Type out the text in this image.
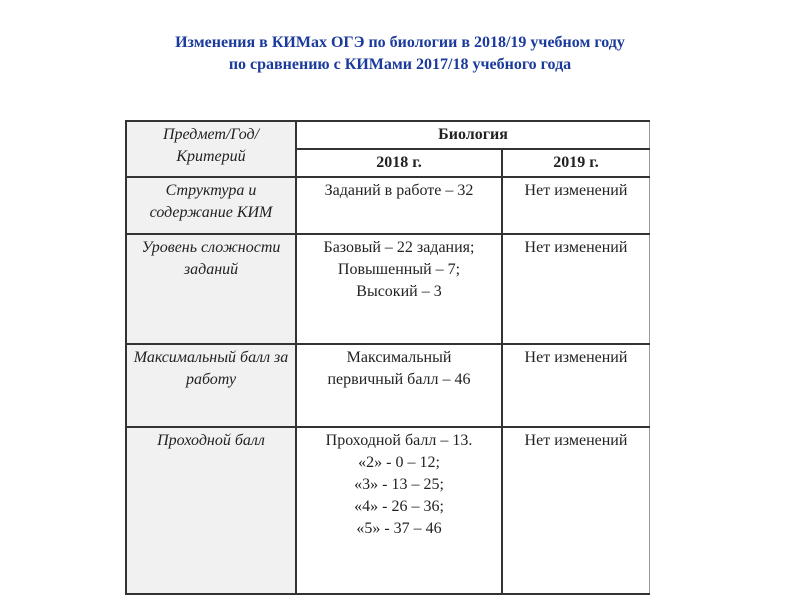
Изменения в КИМах ОГЭ по биологии в 2018/19 учебном году
по сравнению с КИМами 2017/18 учебного года
Предмет/Год/ Критерий	Биология	
	2018 г.	2019 г.
Структура и содержание КИМ	Заданий в работе – 32	Нет изменений
Уровень сложности заданий	Базовый – 22 задания;
Повышенный – 7;
Высокий – 3	Нет изменений
Максимальный балл за работу	Максимальный
первичный балл – 46	Нет изменений
Проходной балл	Проходной балл – 13.
«2» - 0 – 12;
«3» - 13 – 25;
«4» - 26 – 36;
«5» - 37 – 46	Нет изменений
